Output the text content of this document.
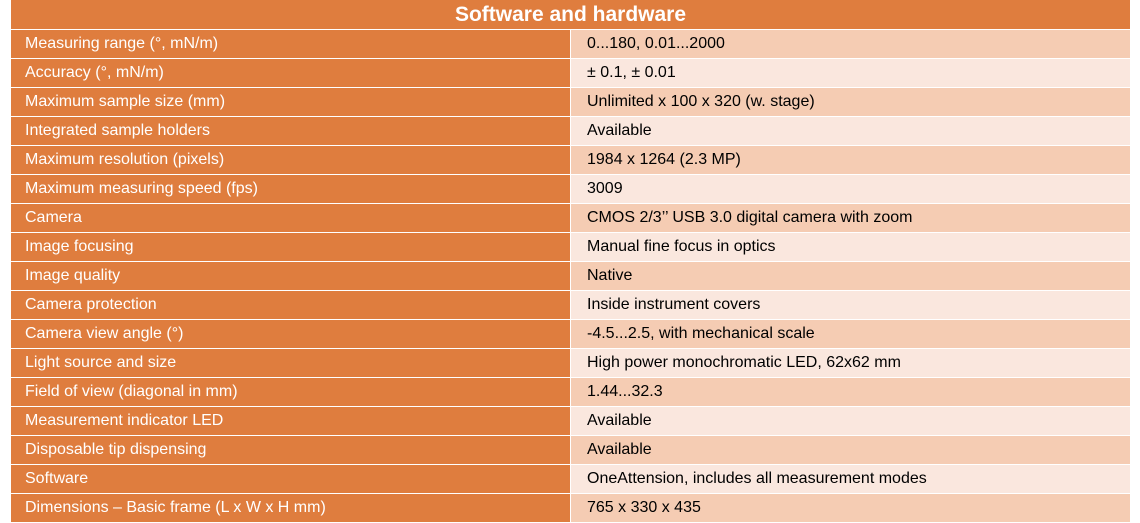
Software and hardware	
Measuring range (°, mN/m)	0...180, 0.01...2000
Accuracy (°, mN/m)	± 0.1, ± 0.01
Maximum sample size (mm)	Unlimited x 100 x 320 (w. stage)
Integrated sample holders	Available
Maximum resolution (pixels)	1984 x 1264 (2.3 MP)
Maximum measuring speed (fps)	3009
Camera	CMOS 2/3’’ USB 3.0 digital camera with zoom
Image focusing	Manual fine focus in optics
Image quality	Native
Camera protection	Inside instrument covers
Camera view angle (°)	-4.5...2.5, with mechanical scale
Light source and size	High power monochromatic LED, 62x62 mm
Field of view (diagonal in mm)	1.44...32.3
Measurement indicator LED	Available
Disposable tip dispensing	Available
Software	OneAttension, includes all measurement modes
Dimensions – Basic frame (L x W x H mm)	765 x 330 x 435
